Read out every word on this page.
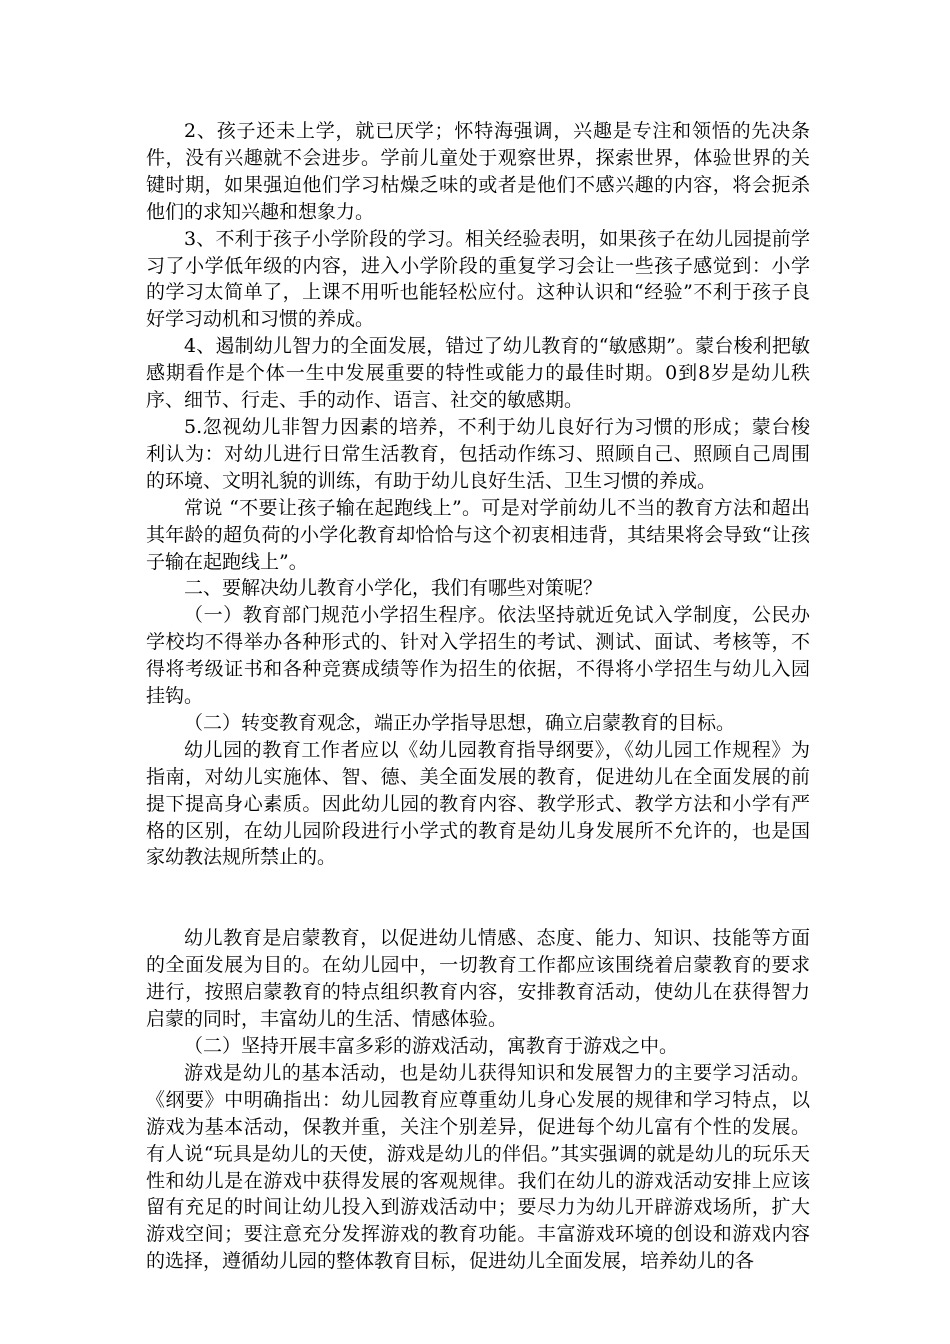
2、孩子还未上学，就已厌学；怀特海强调，兴趣是专注和领悟的先决条件，没有兴趣就不会进步。学前儿童处于观察世界，探索世界，体验世界的关键时期，如果强迫他们学习枯燥乏味的或者是他们不感兴趣的内容，将会扼杀他们的求知兴趣和想象力。

3、不利于孩子小学阶段的学习。相关经验表明，如果孩子在幼儿园提前学习了小学低年级的内容，进入小学阶段的重复学习会让一些孩子感觉到：小学的学习太简单了，上课不用听也能轻松应付。这种认识和“经验”不利于孩子良好学习动机和习惯的养成。

4、遏制幼儿智力的全面发展，错过了幼儿教育的“敏感期”。蒙台梭利把敏感期看作是个体一生中发展重要的特性或能力的最佳时期。0到8岁是幼儿秩序、细节、行走、手的动作、语言、社交的敏感期。

5.忽视幼儿非智力因素的培养，不利于幼儿良好行为习惯的形成；蒙台梭利认为：对幼儿进行日常生活教育，包括动作练习、照顾自己、照顾自己周围的环境、文明礼貌的训练，有助于幼儿良好生活、卫生习惯的养成。

常说 “不要让孩子输在起跑线上”。可是对学前幼儿不当的教育方法和超出其年龄的超负荷的小学化教育却恰恰与这个初衷相违背，其结果将会导致“让孩子输在起跑线上”。

二、要解决幼儿教育小学化，我们有哪些对策呢？

（一）教育部门规范小学招生程序。依法坚持就近免试入学制度，公民办学校均不得举办各种形式的、针对入学招生的考试、测试、面试、考核等，不得将考级证书和各种竞赛成绩等作为招生的依据，不得将小学招生与幼儿入园挂钩。

（二）转变教育观念，端正办学指导思想，确立启蒙教育的目标。

幼儿园的教育工作者应以《幼儿园教育指导纲要》，《幼儿园工作规程》为指南，对幼儿实施体、智、德、美全面发展的教育，促进幼儿在全面发展的前提下提高身心素质。因此幼儿园的教育内容、教学形式、教学方法和小学有严格的区别，在幼儿园阶段进行小学式的教育是幼儿身发展所不允许的，也是国家幼教法规所禁止的。

幼儿教育是启蒙教育，以促进幼儿情感、态度、能力、知识、技能等方面的全面发展为目的。在幼儿园中，一切教育工作都应该围绕着启蒙教育的要求进行，按照启蒙教育的特点组织教育内容，安排教育活动，使幼儿在获得智力启蒙的同时，丰富幼儿的生活、情感体验。

（二）坚持开展丰富多彩的游戏活动，寓教育于游戏之中。

游戏是幼儿的基本活动，也是幼儿获得知识和发展智力的主要学习活动。《纲要》中明确指出：幼儿园教育应尊重幼儿身心发展的规律和学习特点，以游戏为基本活动，保教并重，关注个别差异，促进每个幼儿富有个性的发展。有人说“玩具是幼儿的天使，游戏是幼儿的伴侣。”其实强调的就是幼儿的玩乐天性和幼儿是在游戏中获得发展的客观规律。我们在幼儿的游戏活动安排上应该留有充足的时间让幼儿投入到游戏活动中；要尽力为幼儿开辟游戏场所，扩大游戏空间；要注意充分发挥游戏的教育功能。丰富游戏环境的创设和游戏内容的选择，遵循幼儿园的整体教育目标，促进幼儿全面发展，培养幼儿的各
